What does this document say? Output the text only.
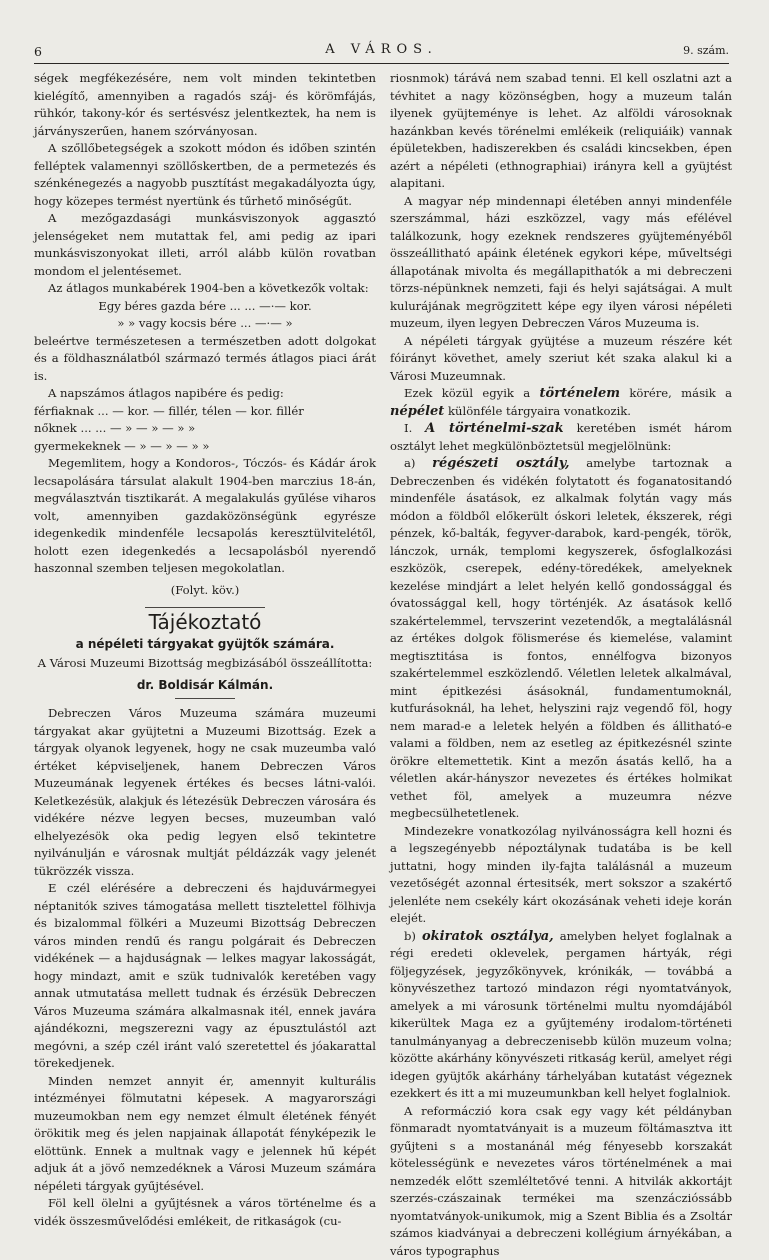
6	A VÁROS.	9. szám.

ségek megfékezésére, nem volt minden tekintetben kielégítő, amennyiben a ragadós száj- és körömfájás, rühkór, takony-kór és sertésvész jelentkeztek, ha nem is járványszerűen, hanem szórványosan.

A szőllőbetegségek a szokott módon és időben szintén felléptek valamennyi szöllőskertben, de a permetezés és szénkénegezés a nagyobb pusztítást megakadályozta úgy, hogy közepes termést nyertünk és tűrhető minőségűt.

A mezőgazdasági munkásviszonyok aggasztó jelenségeket nem mutattak fel, ami pedig az ipari munkásviszonyokat illeti, arról alább külön rovatban mondom el jelentésemet.

Az átlagos munkabérek 1904-ben a következők voltak:

Egy béres gazda bére ... ... —·— kor.

» » vagy kocsis bére ... —·— »

beleértve természetesen a természetben adott dolgokat és a földhasználatból származó termés átlagos piaci árát is.

A napszámos átlagos napibére és pedig:

férfiaknak ... — kor. — fillér, télen — kor. fillér

nőknek ... ... — » — » — » »

gyermekeknek — » — » — » »

Megemlitem, hogy a Kondoros-, Tóczós- és Kádár árok lecsapolására társulat alakult 1904-ben marczius 18-án, megválasztván tisztikarát. A megalakulás gyűlése viharos volt, amennyiben gazdaközönségünk egyrésze idegenkedik mindenféle lecsapolás keresztülvitelétől, holott ezen idegenkedés a lecsapolásból nyerendő haszonnal szemben teljesen megokolatlan.

(Folyt. köv.)

Tájékoztató
a népéleti tárgyakat gyüjtők számára.

A Városi Muzeumi Bizottság megbizásából összeállította:

dr. Boldisár Kálmán.

Debreczen Város Muzeuma számára muzeumi tárgyakat akar gyüjtetni a Muzeumi Bizottság. Ezek a tárgyak olyanok legyenek, hogy ne csak muzeumba való értéket képviseljenek, hanem Debreczen Város Muzeumának legyenek értékes és becses látni-valói. Keletkezésük, alakjuk és létezésük Debreczen városára és vidékére nézve legyen becses, muzeumban való elhelyezésök oka pedig legyen első tekintetre nyilvánulján e városnak multját példázzák vagy jelenét tükrözzék vissza.

E czél elérésére a debreczeni és hajduvármegyei néptanitók szives támogatása mellett tisztelettel fölhivja és bizalommal fölkéri a Muzeumi Bizottság Debreczen város minden rendű és rangu polgárait és Debreczen vidékének — a hajduságnak — lelkes magyar lakosságát, hogy mindazt, amit e szük tudnivalók keretében vagy annak utmutatása mellett tudnak és érzésük Debreczen Város Muzeuma számára alkalmasnak itél, ennek javára ajándékozni, megszerezni vagy az épusztulástól azt megóvni, a szép czél iránt való szeretettel és jóakarattal törekedjenek.

Minden nemzet annyit ér, amennyit kulturális intézményei fölmutatni képesek. A magyarországi muzeumokban nem egy nemzet élmult életének fényét örökitik meg és jelen napjainak állapotát fényképezik le elöttünk. Ennek a multnak vagy e jelennek hű képét adjuk át a jövő nemzedéknek a Városi Muzeum számára népéleti tárgyak gyűjtésével.

Föl kell ölelni a gyűjtésnek a város történelme és a vidék összesművelődési emlékeit, de ritkaságok (cu-

riosnmok) tárává nem szabad tenni. El kell oszlatni azt a tévhitet a nagy közönségben, hogy a muzeum talán ilyenek gyüjteménye is lehet. Az alföldi városoknak hazánkban kevés törénelmi emlékeik (reliquiáik) vannak épületekben, hadiszerekben és családi kincsekben, épen azért a népéleti (ethnographiai) irányra kell a gyüjtést alapitani.

A magyar nép mindennapi életében annyi mindenféle szerszámmal, házi eszközzel, vagy más efélével találkozunk, hogy ezeknek rendszeres gyüjteményéből összeállitható apáink életének egykori képe, műveltségi állapotának mivolta és megállapithatók a mi debreczeni törzs-népünknek nemzeti, faji és helyi sajátságai. A mult kulurájának megrögzitett képe egy ilyen városi népéleti muzeum, ilyen legyen Debreczen Város Muzeuma is.

A népéleti tárgyak gyüjtése a muzeum részére két fóirányt követhet, amely szeriut két szaka alakul ki a Városi Muzeumnak.

Ezek közül egyik a történelem körére, másik a népélet különféle tárgyaira vonatkozik.

I. A történelmi-szak keretében ismét három osztályt lehet megkülönböztetsül megjelölnünk:

a) régészeti osztály, amelybe tartoznak a Debreczenben és vidékén folytatott és foganatositandó mindenféle ásatások, ez alkalmak folytán vagy más módon a földből előkerült óskori leletek, ékszerek, régi pénzek, kő-balták, fegyver-darabok, kard-pengék, török, lánczok, urnák, templomi kegyszerek, ősfoglalkozási eszközök, cserepek, edény-töredékek, amelyeknek kezelése mindjárt a lelet helyén kellő gondossággal és óvatossággal kell, hogy történjék. Az ásatások kellő szakértelemmel, tervszerint vezetendők, a megtalálásnál az értékes dolgok fölismerése és kiemelése, valamint megtisztitása is fontos, ennélfogva bizonyos szakértelemmel eszközlendő. Véletlen leletek alkalmával, mint épitkezési ásásoknál, fundamentumoknál, kutfurásoknál, ha lehet, helyszini rajz vegendő föl, hogy nem marad-e a leletek helyén a földben és állitható-e valami a földben, nem az esetleg az épitkezésnél szinte örökre eltemettetik. Kint a mezőn ásatás kellő, ha a véletlen akár-hányszor nevezetes és értékes holmikat vethet föl, amelyek a muzeumra nézve megbecsülhetetlenek.

Mindezekre vonatkozólag nyilvánosságra kell hozni és a legszegényebb népoztálynak tudatába is be kell juttatni, hogy minden ily-fajta találásnál a muzeum vezetőségét azonnal értesitsék, mert sokszor a szakértő jelenléte nem csekély kárt okozásának veheti ideje korán elejét.

b) okiratok osztálya, amelyben helyet foglalnak a régi eredeti oklevelek, pergamen hártyák, régi följegyzések, jegyzőkönyvek, krónikák, — továbbá a könyvészethez tartozó mindazon régi nyomtatványok, amelyek a mi városunk történelmi multu nyomdájából kikerültek Maga ez a gyűjtemény irodalom-történeti tanulmányanyag a debreczenisebb külön muzeum volna; közötte akárhány könyvészeti ritkaság kerül, amelyet régi idegen gyüjtők akárhány tárhelyában kutatást végeznek ezekkert és itt a mi muzeumunkban kell helyet foglalniok.

A reformáczió kora csak egy vagy két példányban fönmaradt nyomtatványait is a muzeum föltámasztva itt gyűjteni s a mostanánál még fényesebb korszakát kötelességünk e nevezetes város történelmének a mai nemzedék előtt szemléltetővé tenni. A hitvilák akkortájt szerzés-czászainak termékei ma szenzáczióssább nyomtatványok-unikumok, mig a Szent Biblia és a Zsoltár számos kiadványai a debreczeni kollégium árnyékában, a város typographus
